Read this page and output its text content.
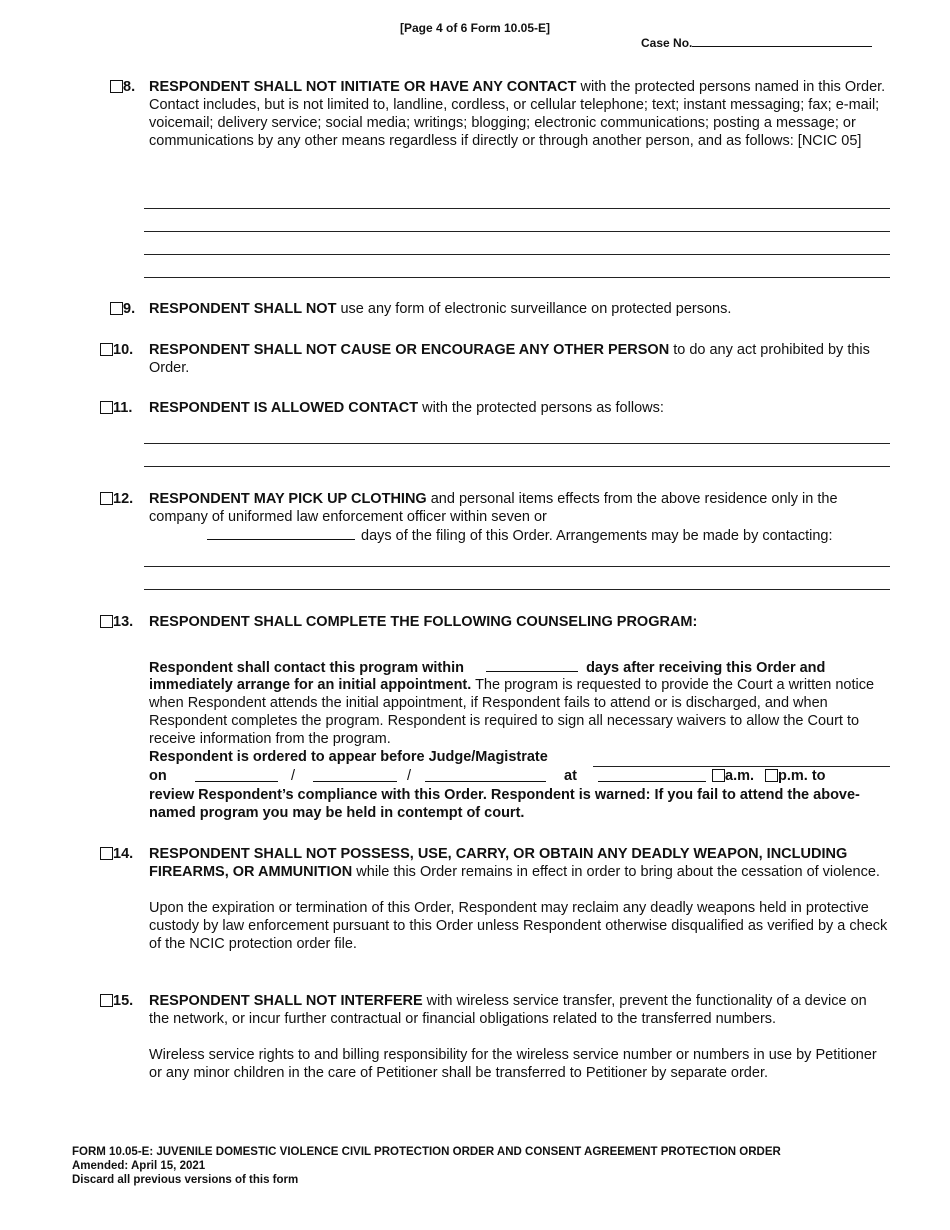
[Page 4 of 6 Form 10.05-E]
Case No.
8. RESPONDENT SHALL NOT INITIATE OR HAVE ANY CONTACT with the protected persons named in this Order. Contact includes, but is not limited to, landline, cordless, or cellular telephone; text; instant messaging; fax; e-mail; voicemail; delivery service; social media; writings; blogging; electronic communications; posting a message; or communications by any other means regardless if directly or through another person, and as follows: [NCIC 05]
9. RESPONDENT SHALL NOT use any form of electronic surveillance on protected persons.
10. RESPONDENT SHALL NOT CAUSE OR ENCOURAGE ANY OTHER PERSON to do any act prohibited by this Order.
11. RESPONDENT IS ALLOWED CONTACT with the protected persons as follows:
12. RESPONDENT MAY PICK UP CLOTHING and personal items effects from the above residence only in the company of uniformed law enforcement officer within seven or
days of the filing of this Order. Arrangements may be made by contacting:
13. RESPONDENT SHALL COMPLETE THE FOLLOWING COUNSELING PROGRAM:
Respondent shall contact this program within	days after receiving this Order and
immediately arrange for an initial appointment. The program is requested to provide the Court a written notice when Respondent attends the initial appointment, if Respondent fails to attend or is discharged, and when Respondent completes the program. Respondent is required to sign all necessary waivers to allow the Court to receive information from the program.
Respondent is ordered to appear before Judge/Magistrate
on	/	/	at	a.m.	p.m. to
review Respondent’s compliance with this Order. Respondent is warned: If you fail to attend the above-named program you may be held in contempt of court.
14. RESPONDENT SHALL NOT POSSESS, USE, CARRY, OR OBTAIN ANY DEADLY WEAPON, INCLUDING FIREARMS, OR AMMUNITION while this Order remains in effect in order to bring about the cessation of violence.
Upon the expiration or termination of this Order, Respondent may reclaim any deadly weapons held in protective custody by law enforcement pursuant to this Order unless Respondent otherwise disqualified as verified by a check of the NCIC protection order file.
15. RESPONDENT SHALL NOT INTERFERE with wireless service transfer, prevent the functionality of a device on the network, or incur further contractual or financial obligations related to the transferred numbers.
Wireless service rights to and billing responsibility for the wireless service number or numbers in use by Petitioner or any minor children in the care of Petitioner shall be transferred to Petitioner by separate order.
FORM 10.05-E: JUVENILE DOMESTIC VIOLENCE CIVIL PROTECTION ORDER AND CONSENT AGREEMENT PROTECTION ORDER
Amended: April 15, 2021
Discard all previous versions of this form
